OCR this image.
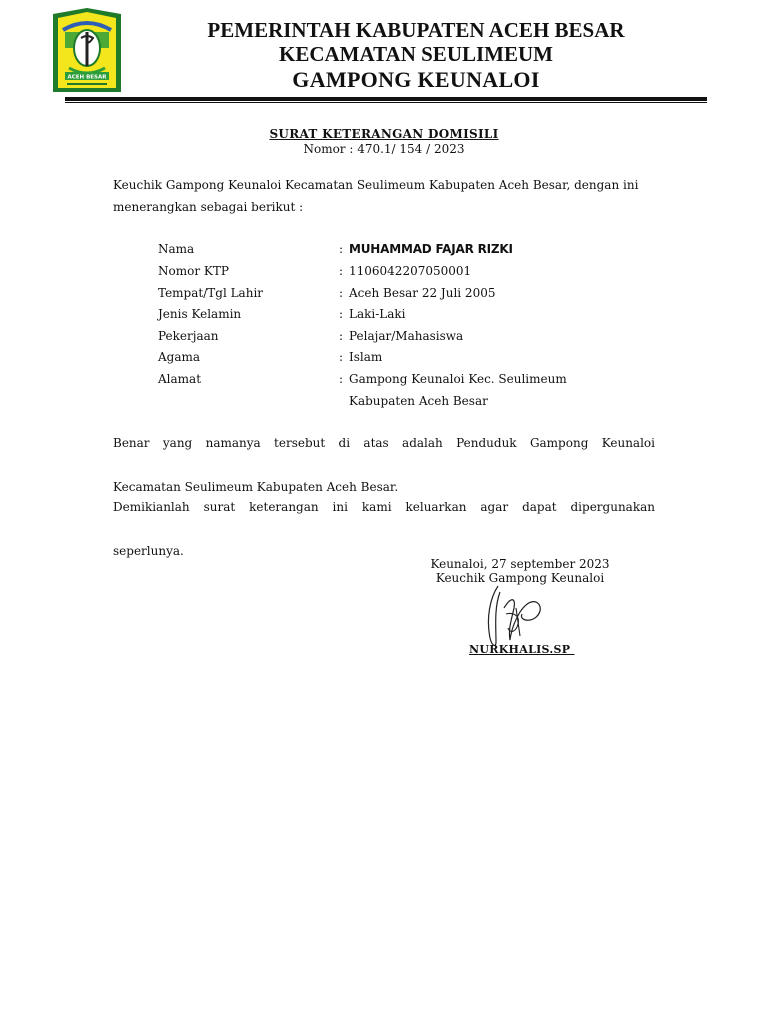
ACEH BESAR
PEMERINTAH KABUPATEN ACEH BESAR
KECAMATAN SEULIMEUM
GAMPONG KEUNALOI
SURAT KETERANGAN DOMISILI
Nomor : 470.1/ 154 / 2023

Keuchik Gampong Keunaloi Kecamatan Seulimeum Kabupaten Aceh Besar, dengan ini menerangkan sebagai berikut :

Nama	: MUHAMMAD FAJAR RIZKI
Nomor KTP	: 1106042207050001
Tempat/Tgl Lahir	: Aceh Besar 22 Juli 2005
Jenis Kelamin	: Laki-Laki
Pekerjaan	: Pelajar/Mahasiswa
Agama	: Islam
Alamat	: Gampong Keunaloi Kec. Seulimeum
Kabupaten Aceh Besar

Benar yang namanya tersebut di atas adalah Penduduk Gampong KeunaloiKecamatan Seulimeum Kabupaten Aceh Besar.

Demikianlah surat keterangan ini kami keluarkan agar dapat dipergunakanseperlunya.

Keunaloi, 27 september 2023
Keuchik Gampong Keunaloi
NURKHALIS.SP
